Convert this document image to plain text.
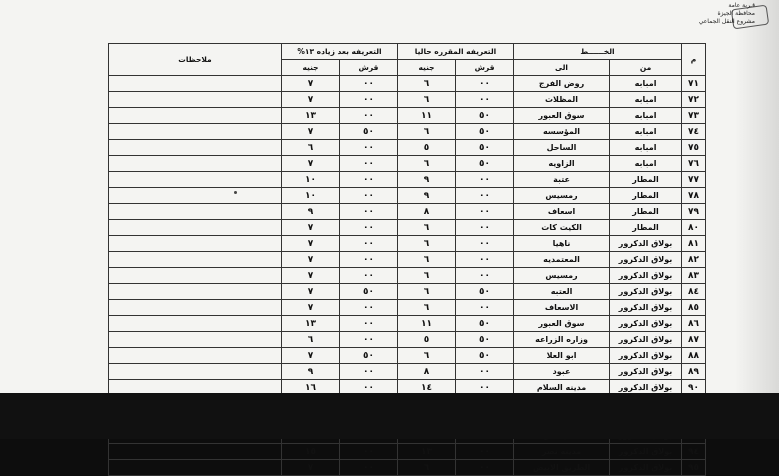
قـرية عامة
محافظة الجيزة
مشروع النقل الجماعي
م	الخــــــط		التعريفه المقرره حاليا		التعريفه بعد زياده ١٣%		ملاحظات
	من	الى	قرش	جنيه	قرش	جنيه	
٧١	امبابه	روض الفرج	٠٠	٦	٠٠	٧	
٧٢	امبابه	المظلات	٠٠	٦	٠٠	٧	
٧٣	امبابه	سوق العبور	٥٠	١١	٠٠	١٣	
٧٤	امبابه	المؤسسه	٥٠	٦	٥٠	٧	
٧٥	امبابه	الساحل	٥٠	٥	٠٠	٦	
٧٦	امبابه	الزاويه	٥٠	٦	٠٠	٧	
٧٧	المطار	عتبة	٠٠	٩	٠٠	١٠	
٧٨	المطار	رمسيس	٠٠	٩	٠٠	١٠	
٧٩	المطار	اسعاف	٠٠	٨	٠٠	٩	
٨٠	المطار	الكيت كات	٠٠	٦	٠٠	٧	
٨١	بولاق الدكرور	ناهيا	٠٠	٦	٠٠	٧	
٨٢	بولاق الدكرور	المعتمديه	٠٠	٦	٠٠	٧	
٨٣	بولاق الدكرور	رمسيس	٠٠	٦	٠٠	٧	
٨٤	بولاق الدكرور	العتبه	٥٠	٦	٥٠	٧	
٨٥	بولاق الدكرور	الاسعاف	٠٠	٦	٠٠	٧	
٨٦	بولاق الدكرور	سوق العبور	٥٠	١١	٠٠	١٣	
٨٧	بولاق الدكرور	وزاره الزراعه	٥٠	٥	٠٠	٦	
٨٨	بولاق الدكرور	ابو العلا	٥٠	٦	٥٠	٧	
٨٩	بولاق الدكرور	عبود	٠٠	٨	٠٠	٩	
٩٠	بولاق الدكرور	مدينه السلام	٠٠	١٤	٠٠	١٦	

٩٤	بولاق الدكرور	مدينه نصر	٠٠	١٣	٠٠	١٥	
٩٥	بولاق الدكرور	الطريق الابيض	٠٠	٦	٠٠	٧	
